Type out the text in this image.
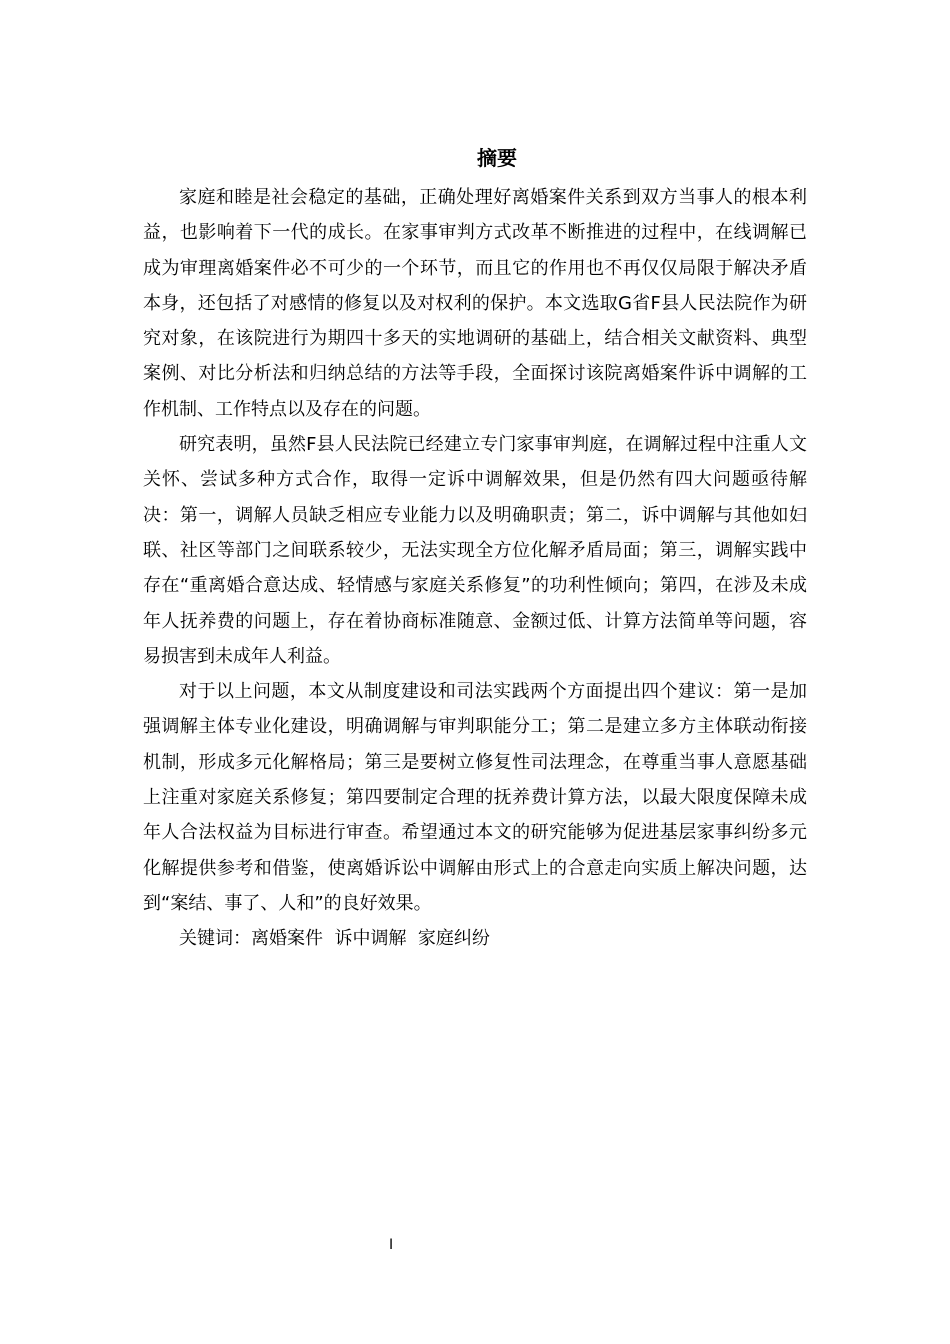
摘要

家庭和睦是社会稳定的基础，正确处理好离婚案件关系到双方当事人的根本利益，也影响着下一代的成长。在家事审判方式改革不断推进的过程中，在线调解已成为审理离婚案件必不可少的一个环节，而且它的作用也不再仅仅局限于解决矛盾本身，还包括了对感情的修复以及对权利的保护。本文选取G省F县人民法院作为研究对象，在该院进行为期四十多天的实地调研的基础上，结合相关文献资料、典型案例、对比分析法和归纳总结的方法等手段，全面探讨该院离婚案件诉中调解的工作机制、工作特点以及存在的问题。

研究表明，虽然F县人民法院已经建立专门家事审判庭，在调解过程中注重人文关怀、尝试多种方式合作，取得一定诉中调解效果，但是仍然有四大问题亟待解决：第一，调解人员缺乏相应专业能力以及明确职责；第二，诉中调解与其他如妇联、社区等部门之间联系较少，无法实现全方位化解矛盾局面；第三，调解实践中存在“重离婚合意达成、轻情感与家庭关系修复”的功利性倾向；第四，在涉及未成年人抚养费的问题上，存在着协商标准随意、金额过低、计算方法简单等问题，容易损害到未成年人利益。

对于以上问题，本文从制度建设和司法实践两个方面提出四个建议：第一是加强调解主体专业化建设，明确调解与审判职能分工；第二是建立多方主体联动衔接机制，形成多元化解格局；第三是要树立修复性司法理念，在尊重当事人意愿基础上注重对家庭关系修复；第四要制定合理的抚养费计算方法，以最大限度保障未成年人合法权益为目标进行审查。希望通过本文的研究能够为促进基层家事纠纷多元化解提供参考和借鉴，使离婚诉讼中调解由形式上的合意走向实质上解决问题，达到“案结、事了、人和”的良好效果。

关键词：离婚案件  诉中调解  家庭纠纷

I
